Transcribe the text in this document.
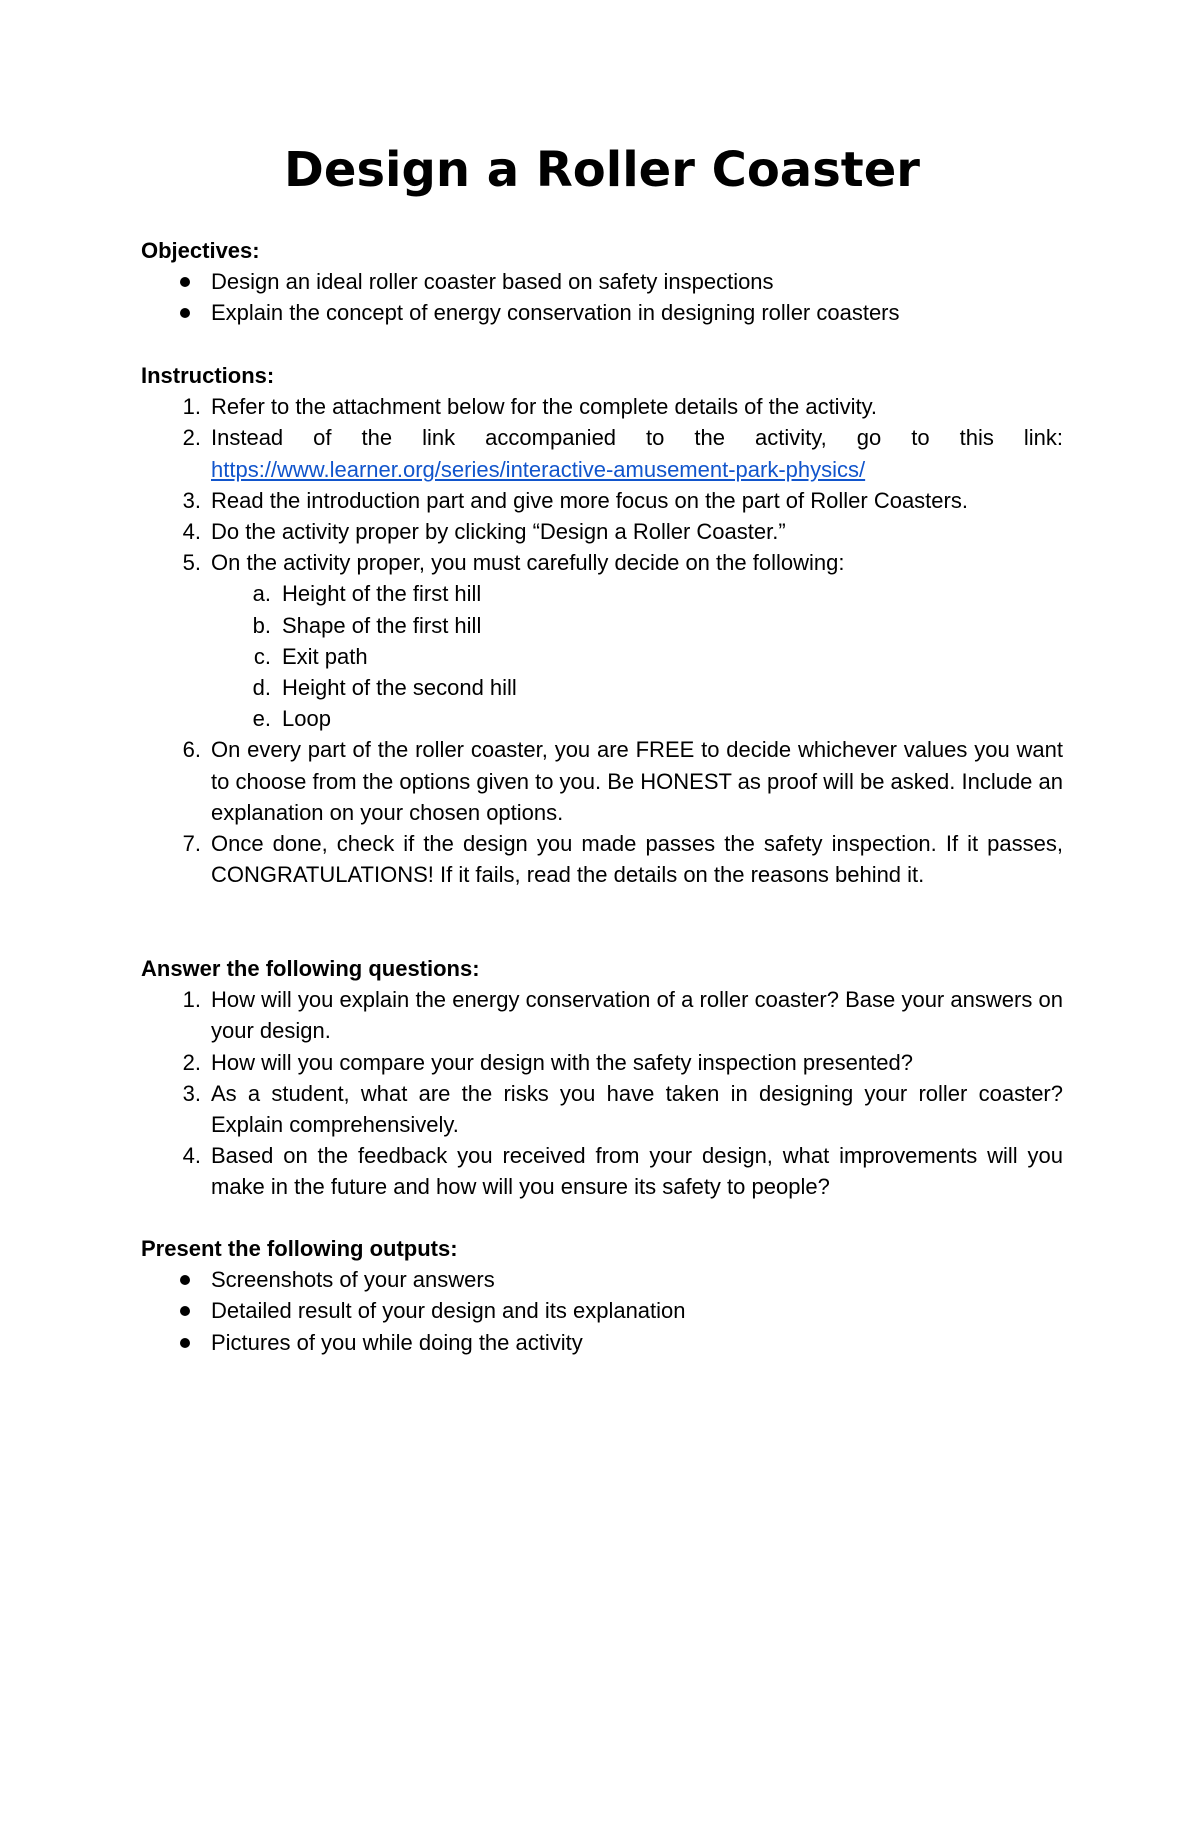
Design a Roller Coaster

Objectives:

Design an ideal roller coaster based on safety inspections
Explain the concept of energy conservation in designing roller coasters

Instructions:

1. Refer to the attachment below for the complete details of the activity.
2. Instead of the link accompanied to the activity, go to this link: https://www.learner.org/series/interactive-amusement-park-physics/
3. Read the introduction part and give more focus on the part of Roller Coasters.
4. Do the activity proper by clicking “Design a Roller Coaster.”
5. On the activity proper, you must carefully decide on the following:
a. Height of the first hill
b. Shape of the first hill
c. Exit path
d. Height of the second hill
e. Loop
6. On every part of the roller coaster, you are FREE to decide whichever values you want to choose from the options given to you. Be HONEST as proof will be asked. Include an explanation on your chosen options.
7. Once done, check if the design you made passes the safety inspection. If it passes, CONGRATULATIONS! If it fails, read the details on the reasons behind it.

Answer the following questions:

1. How will you explain the energy conservation of a roller coaster? Base your answers on your design.
2. How will you compare your design with the safety inspection presented?
3. As a student, what are the risks you have taken in designing your roller coaster? Explain comprehensively.
4. Based on the feedback you received from your design, what improvements will you make in the future and how will you ensure its safety to people?

Present the following outputs:

Screenshots of your answers
Detailed result of your design and its explanation
Pictures of you while doing the activity
